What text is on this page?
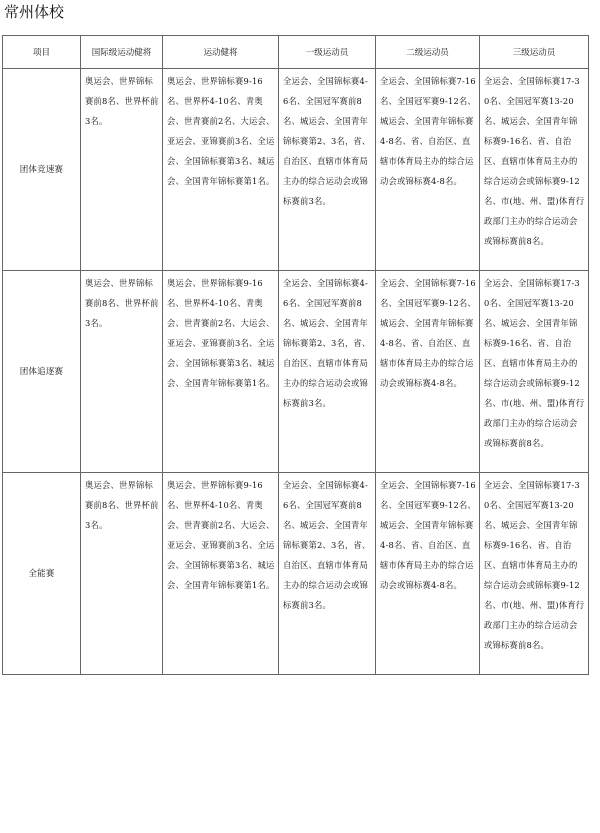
常州体校
项目	国际级运动健将	运动健将	一级运动员	二级运动员	三级运动员
团体竞速赛	奥运会、世界锦标赛前8名、世界杯前3名。	奥运会、世界锦标赛9-16名、世界杯4-10名、青奥会、世青赛前2名、大运会、亚运会、亚锦赛前3名、全运会、全国锦标赛第3名、城运会、全国青年锦标赛第1名。	全运会、全国锦标赛4-6名、全国冠军赛前8名、城运会、全国青年锦标赛第2、3名，省、自治区、直辖市体育局主办的综合运动会或锦标赛前3名。	全运会、全国锦标赛7-16名、全国冠军赛9-12名、城运会、全国青年锦标赛4-8名、省、自治区、直辖市体育局主办的综合运动会或锦标赛4-8名。	全运会、全国锦标赛17-30名、全国冠军赛13-20名、城运会、全国青年锦标赛9-16名、省、自治区、直辖市体育局主办的综合运动会或锦标赛9-12名、市(地、州、盟)体育行政部门主办的综合运动会或锦标赛前8名。
团体追逐赛	奥运会、世界锦标赛前8名、世界杯前3名。	奥运会、世界锦标赛9-16名、世界杯4-10名、青奥会、世青赛前2名、大运会、亚运会、亚锦赛前3名、全运会、全国锦标赛第3名、城运会、全国青年锦标赛第1名。	全运会、全国锦标赛4-6名、全国冠军赛前8名、城运会、全国青年锦标赛第2、3名，省、自治区、直辖市体育局主办的综合运动会或锦标赛前3名。	全运会、全国锦标赛7-16名、全国冠军赛9-12名、城运会、全国青年锦标赛4-8名、省、自治区、直辖市体育局主办的综合运动会或锦标赛4-8名。	全运会、全国锦标赛17-30名、全国冠军赛13-20名、城运会、全国青年锦标赛9-16名、省、自治区、直辖市体育局主办的综合运动会或锦标赛9-12名、市(地、州、盟)体育行政部门主办的综合运动会或锦标赛前8名。
全能赛	奥运会、世界锦标赛前8名、世界杯前3名。	奥运会、世界锦标赛9-16名、世界杯4-10名、青奥会、世青赛前2名、大运会、亚运会、亚锦赛前3名、全运会、全国锦标赛第3名、城运会、全国青年锦标赛第1名。	全运会、全国锦标赛4-6名、全国冠军赛前8名、城运会、全国青年锦标赛第2、3名，省、自治区、直辖市体育局主办的综合运动会或锦标赛前3名。	全运会、全国锦标赛7-16名、全国冠军赛9-12名、城运会、全国青年锦标赛4-8名、省、自治区、直辖市体育局主办的综合运动会或锦标赛4-8名。	全运会、全国锦标赛17-30名、全国冠军赛13-20名、城运会、全国青年锦标赛9-16名、省、自治区、直辖市体育局主办的综合运动会或锦标赛9-12名、市(地、州、盟)体育行政部门主办的综合运动会或锦标赛前8名。
